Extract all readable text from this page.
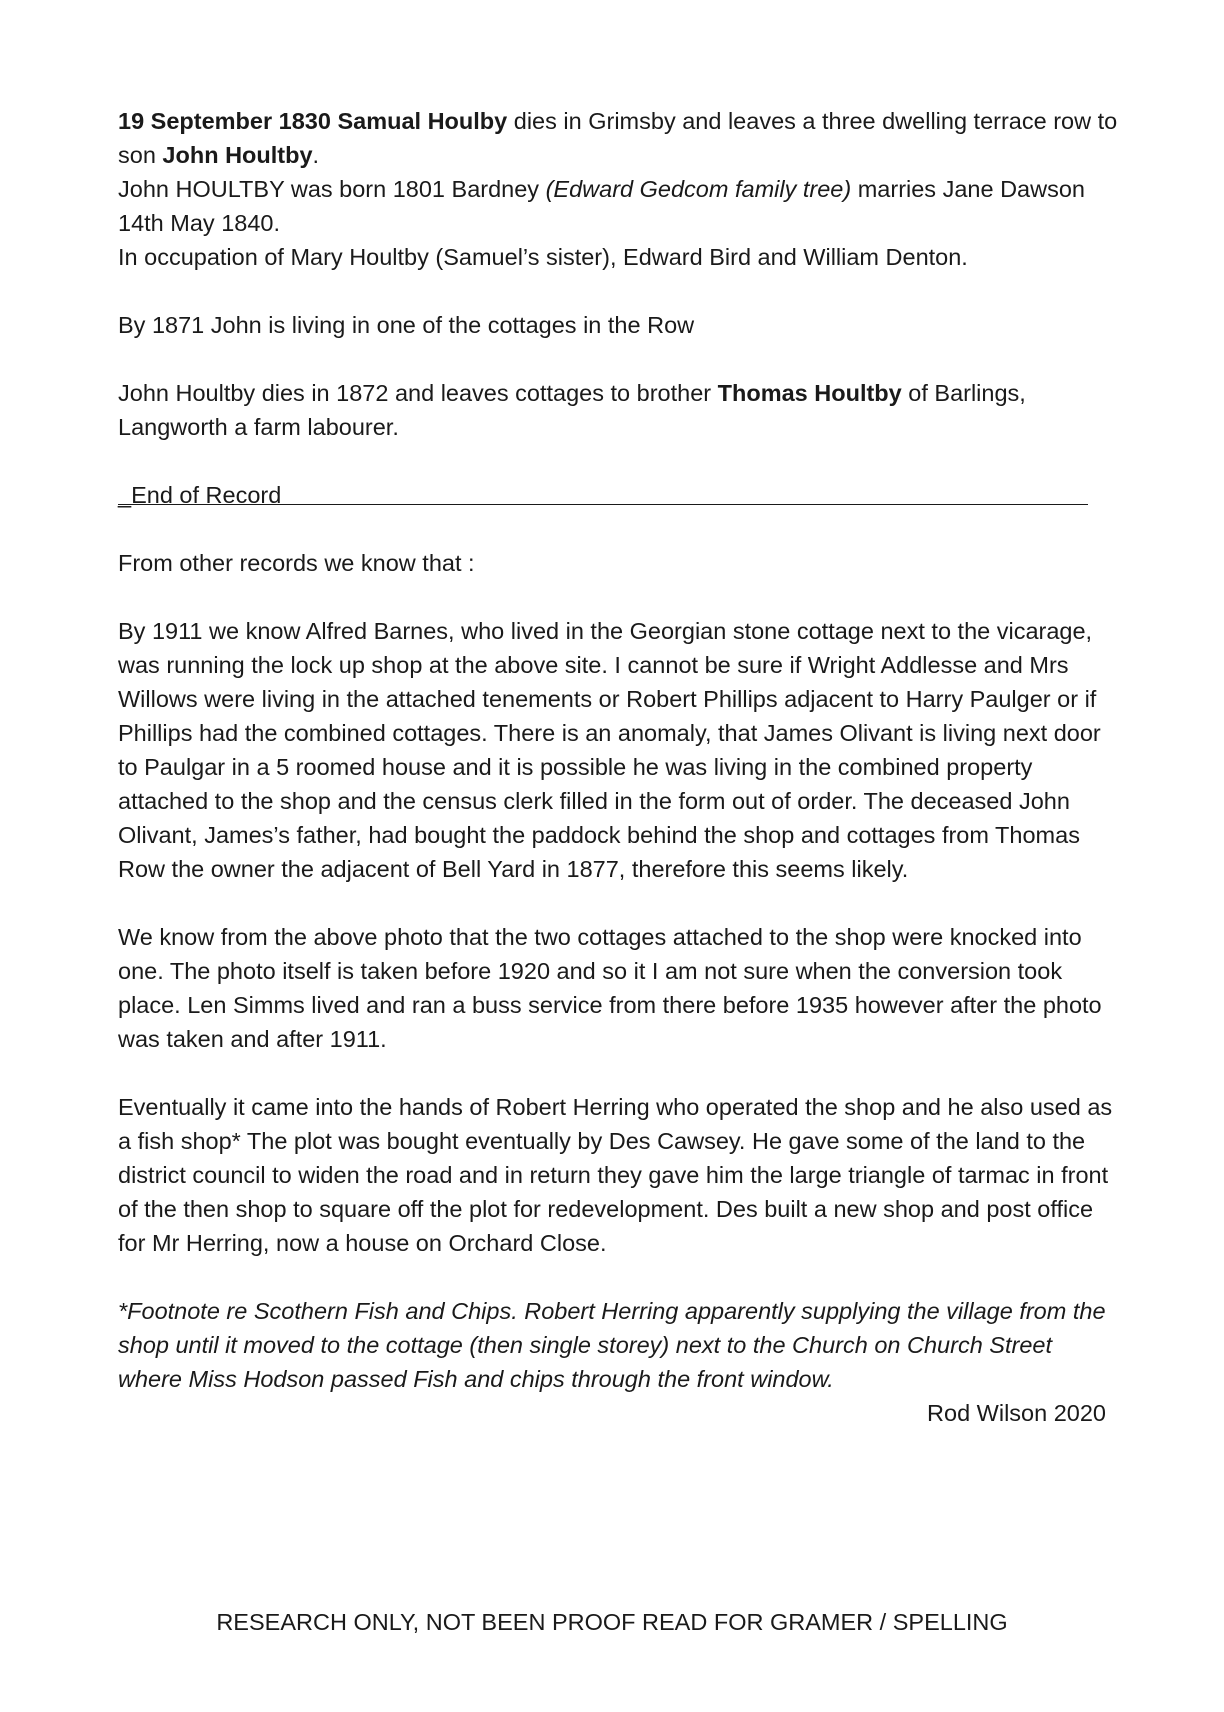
19 September 1830 Samual Houlby dies in Grimsby and leaves a three dwelling terrace row to son John Houltby.

John HOULTBY was born 1801 Bardney (Edward Gedcom family tree) marries Jane Dawson 14th May 1840.

In occupation of Mary Houltby (Samuel’s sister), Edward Bird and William Denton.

By 1871 John is living in one of the cottages in the Row

John Houltby dies in 1872 and leaves cottages to brother Thomas Houltby of Barlings, Langworth a farm labourer.

_End of Record

From other records we know that :

By 1911 we know Alfred Barnes, who lived in the Georgian stone cottage next to the vicarage, was running the lock up shop at the above site. I cannot be sure if Wright Addlesse and Mrs Willows were living in the attached tenements or Robert Phillips adjacent to Harry Paulger or if Phillips had the combined cottages. There is an anomaly, that James Olivant is living next door to Paulgar in a 5 roomed house and it is possible he was living in the combined property attached to the shop and the census clerk filled in the form out of order. The deceased John Olivant, James’s father, had bought the paddock behind the shop and cottages from Thomas Row the owner the adjacent of Bell Yard in 1877, therefore this seems likely.

We know from the above photo that the two cottages attached to the shop were knocked into one. The photo itself is taken before 1920 and so it I am not sure when the conversion took place. Len Simms lived and ran a buss service from there before 1935 however after the photo was taken and after 1911.

Eventually it came into the hands of Robert Herring who operated the shop and he also used as a fish shop* The plot was bought eventually by Des Cawsey. He gave some of the land to the district council to widen the road and in return they gave him the large triangle of tarmac in front of the then shop to square off the plot for redevelopment. Des built a new shop and post office for Mr Herring, now a house on Orchard Close.

*Footnote re Scothern Fish and Chips. Robert Herring apparently supplying the village from the shop until it moved to the cottage (then single storey) next to the Church on Church Street where Miss Hodson passed Fish and chips through the front window.

Rod Wilson 2020

RESEARCH ONLY, NOT BEEN PROOF READ FOR GRAMER / SPELLING
